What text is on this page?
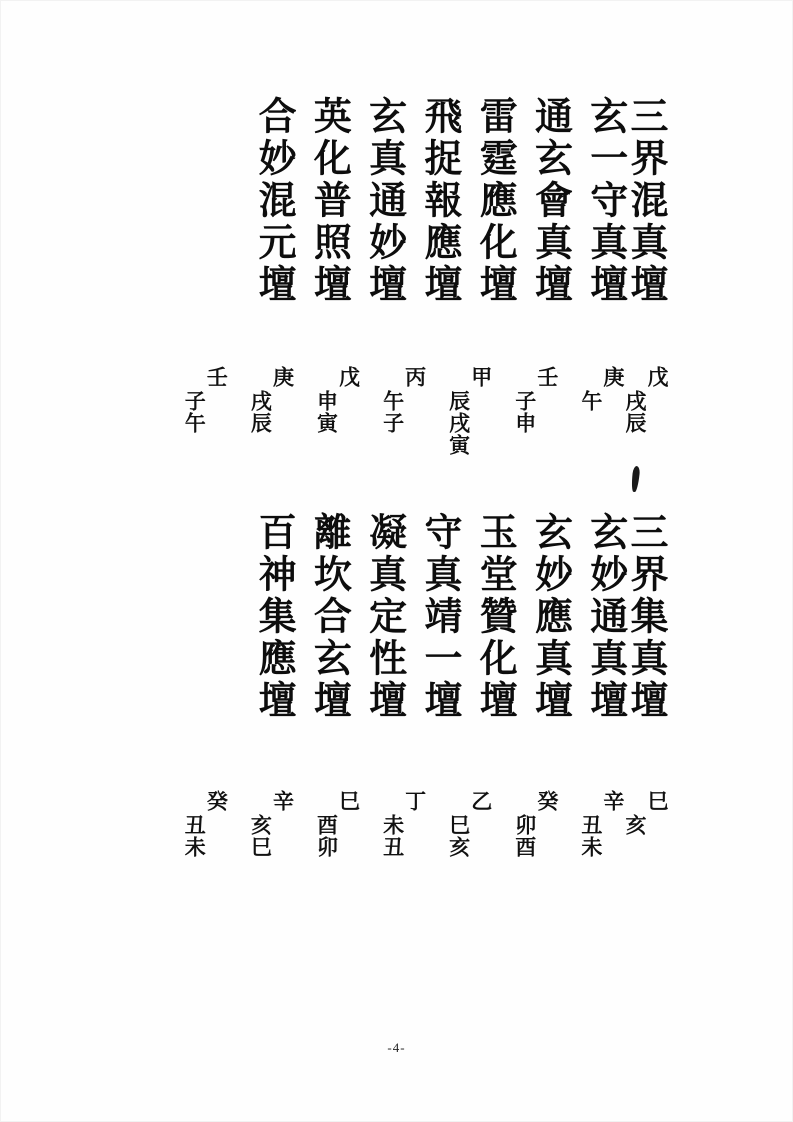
三界混真壇
玄一守真壇
通玄會真壇
雷霆應化壇
飛捉報應壇
玄真通妙壇
英化普照壇
合妙混元壇
戊
戌辰
庚
午
壬
子申
甲
辰戌寅
丙
午子
戊
申寅
庚
戌辰
壬
子午
三界集真壇
玄妙通真壇
玄妙應真壇
玉堂贊化壇
守真靖一壇
凝真定性壇
離坎合玄壇
百神集應壇
巳
亥
辛
丑未
癸
卯酉
乙
巳亥
丁
未丑
巳
酉卯
辛
亥巳
癸
丑未
-4-
